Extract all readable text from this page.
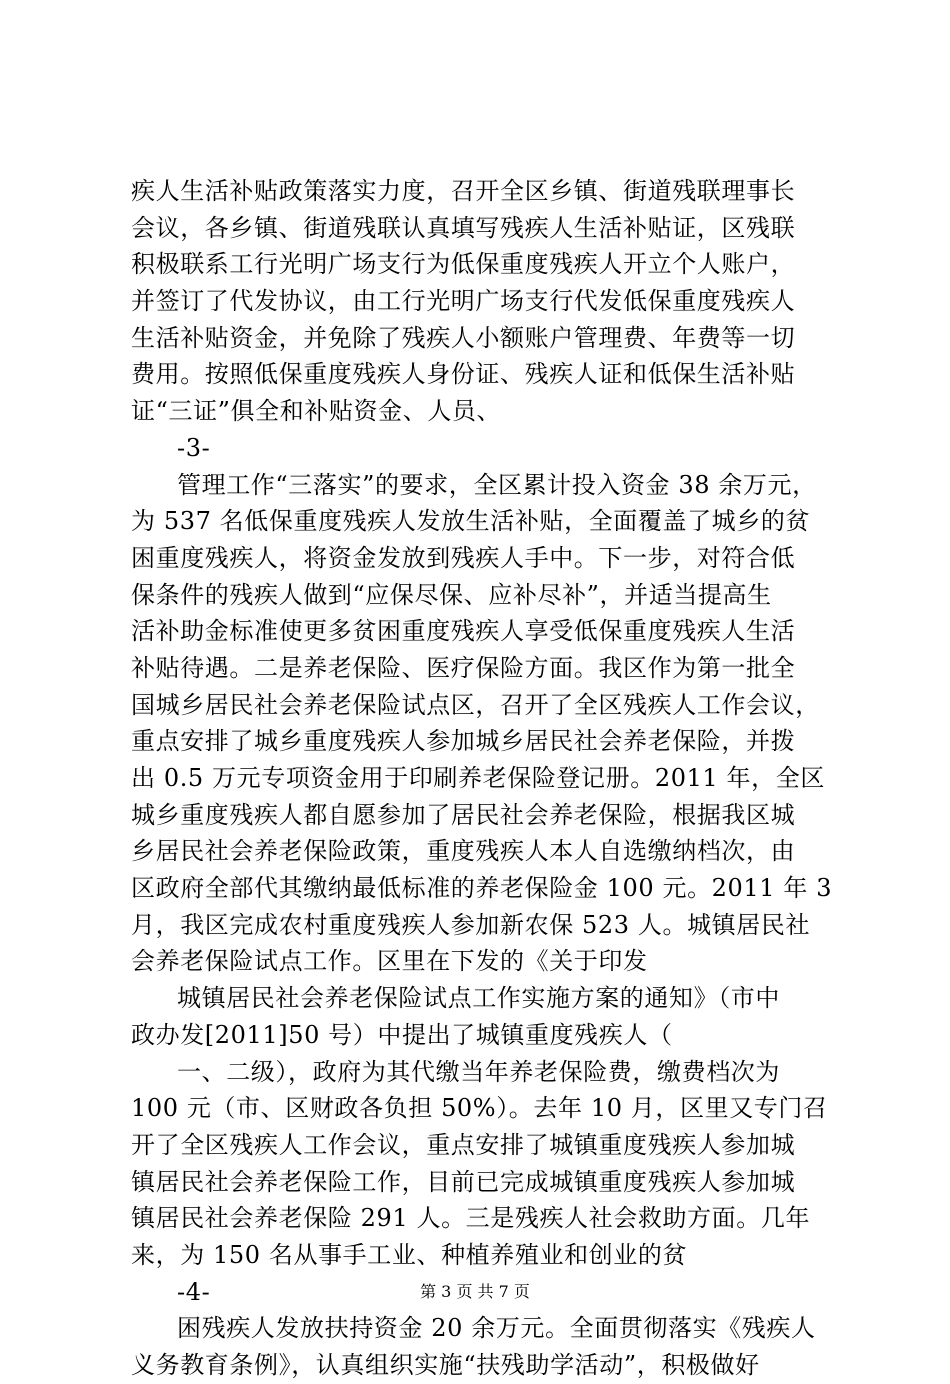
疾人生活补贴政策落实力度，召开全区乡镇、街道残联理事长
会议，各乡镇、街道残联认真填写残疾人生活补贴证，区残联
积极联系工行光明广场支行为低保重度残疾人开立个人账户，
并签订了代发协议，由工行光明广场支行代发低保重度残疾人
生活补贴资金，并免除了残疾人小额账户管理费、年费等一切
费用。按照低保重度残疾人身份证、残疾人证和低保生活补贴
证“三证”俱全和补贴资金、人员、
-3-
管理工作“三落实”的要求，全区累计投入资金 38 余万元，
为 537 名低保重度残疾人发放生活补贴，全面覆盖了城乡的贫
困重度残疾人，将资金发放到残疾人手中。下一步，对符合低
保条件的残疾人做到“应保尽保、应补尽补”，并适当提高生
活补助金标准使更多贫困重度残疾人享受低保重度残疾人生活
补贴待遇。二是养老保险、医疗保险方面。我区作为第一批全
国城乡居民社会养老保险试点区，召开了全区残疾人工作会议，
重点安排了城乡重度残疾人参加城乡居民社会养老保险，并拨
出 0.5 万元专项资金用于印刷养老保险登记册。2011 年，全区
城乡重度残疾人都自愿参加了居民社会养老保险，根据我区城
乡居民社会养老保险政策，重度残疾人本人自选缴纳档次，由
区政府全部代其缴纳最低标准的养老保险金 100 元。2011 年 3
月，我区完成农村重度残疾人参加新农保 523 人。城镇居民社
会养老保险试点工作。区里在下发的《关于印发
城镇居民社会养老保险试点工作实施方案的通知》（市中
政办发[2011]50 号）中提出了城镇重度残疾人（
一、二级），政府为其代缴当年养老保险费，缴费档次为
100 元（市、区财政各负担 50%）。去年 10 月，区里又专门召
开了全区残疾人工作会议，重点安排了城镇重度残疾人参加城
镇居民社会养老保险工作，目前已完成城镇重度残疾人参加城
镇居民社会养老保险 291 人。三是残疾人社会救助方面。几年
来，为 150 名从事手工业、种植养殖业和创业的贫
-4-
困残疾人发放扶持资金 20 余万元。全面贯彻落实《残疾人
义务教育条例》，认真组织实施“扶残助学活动”，积极做好
第 3 页 共 7 页
